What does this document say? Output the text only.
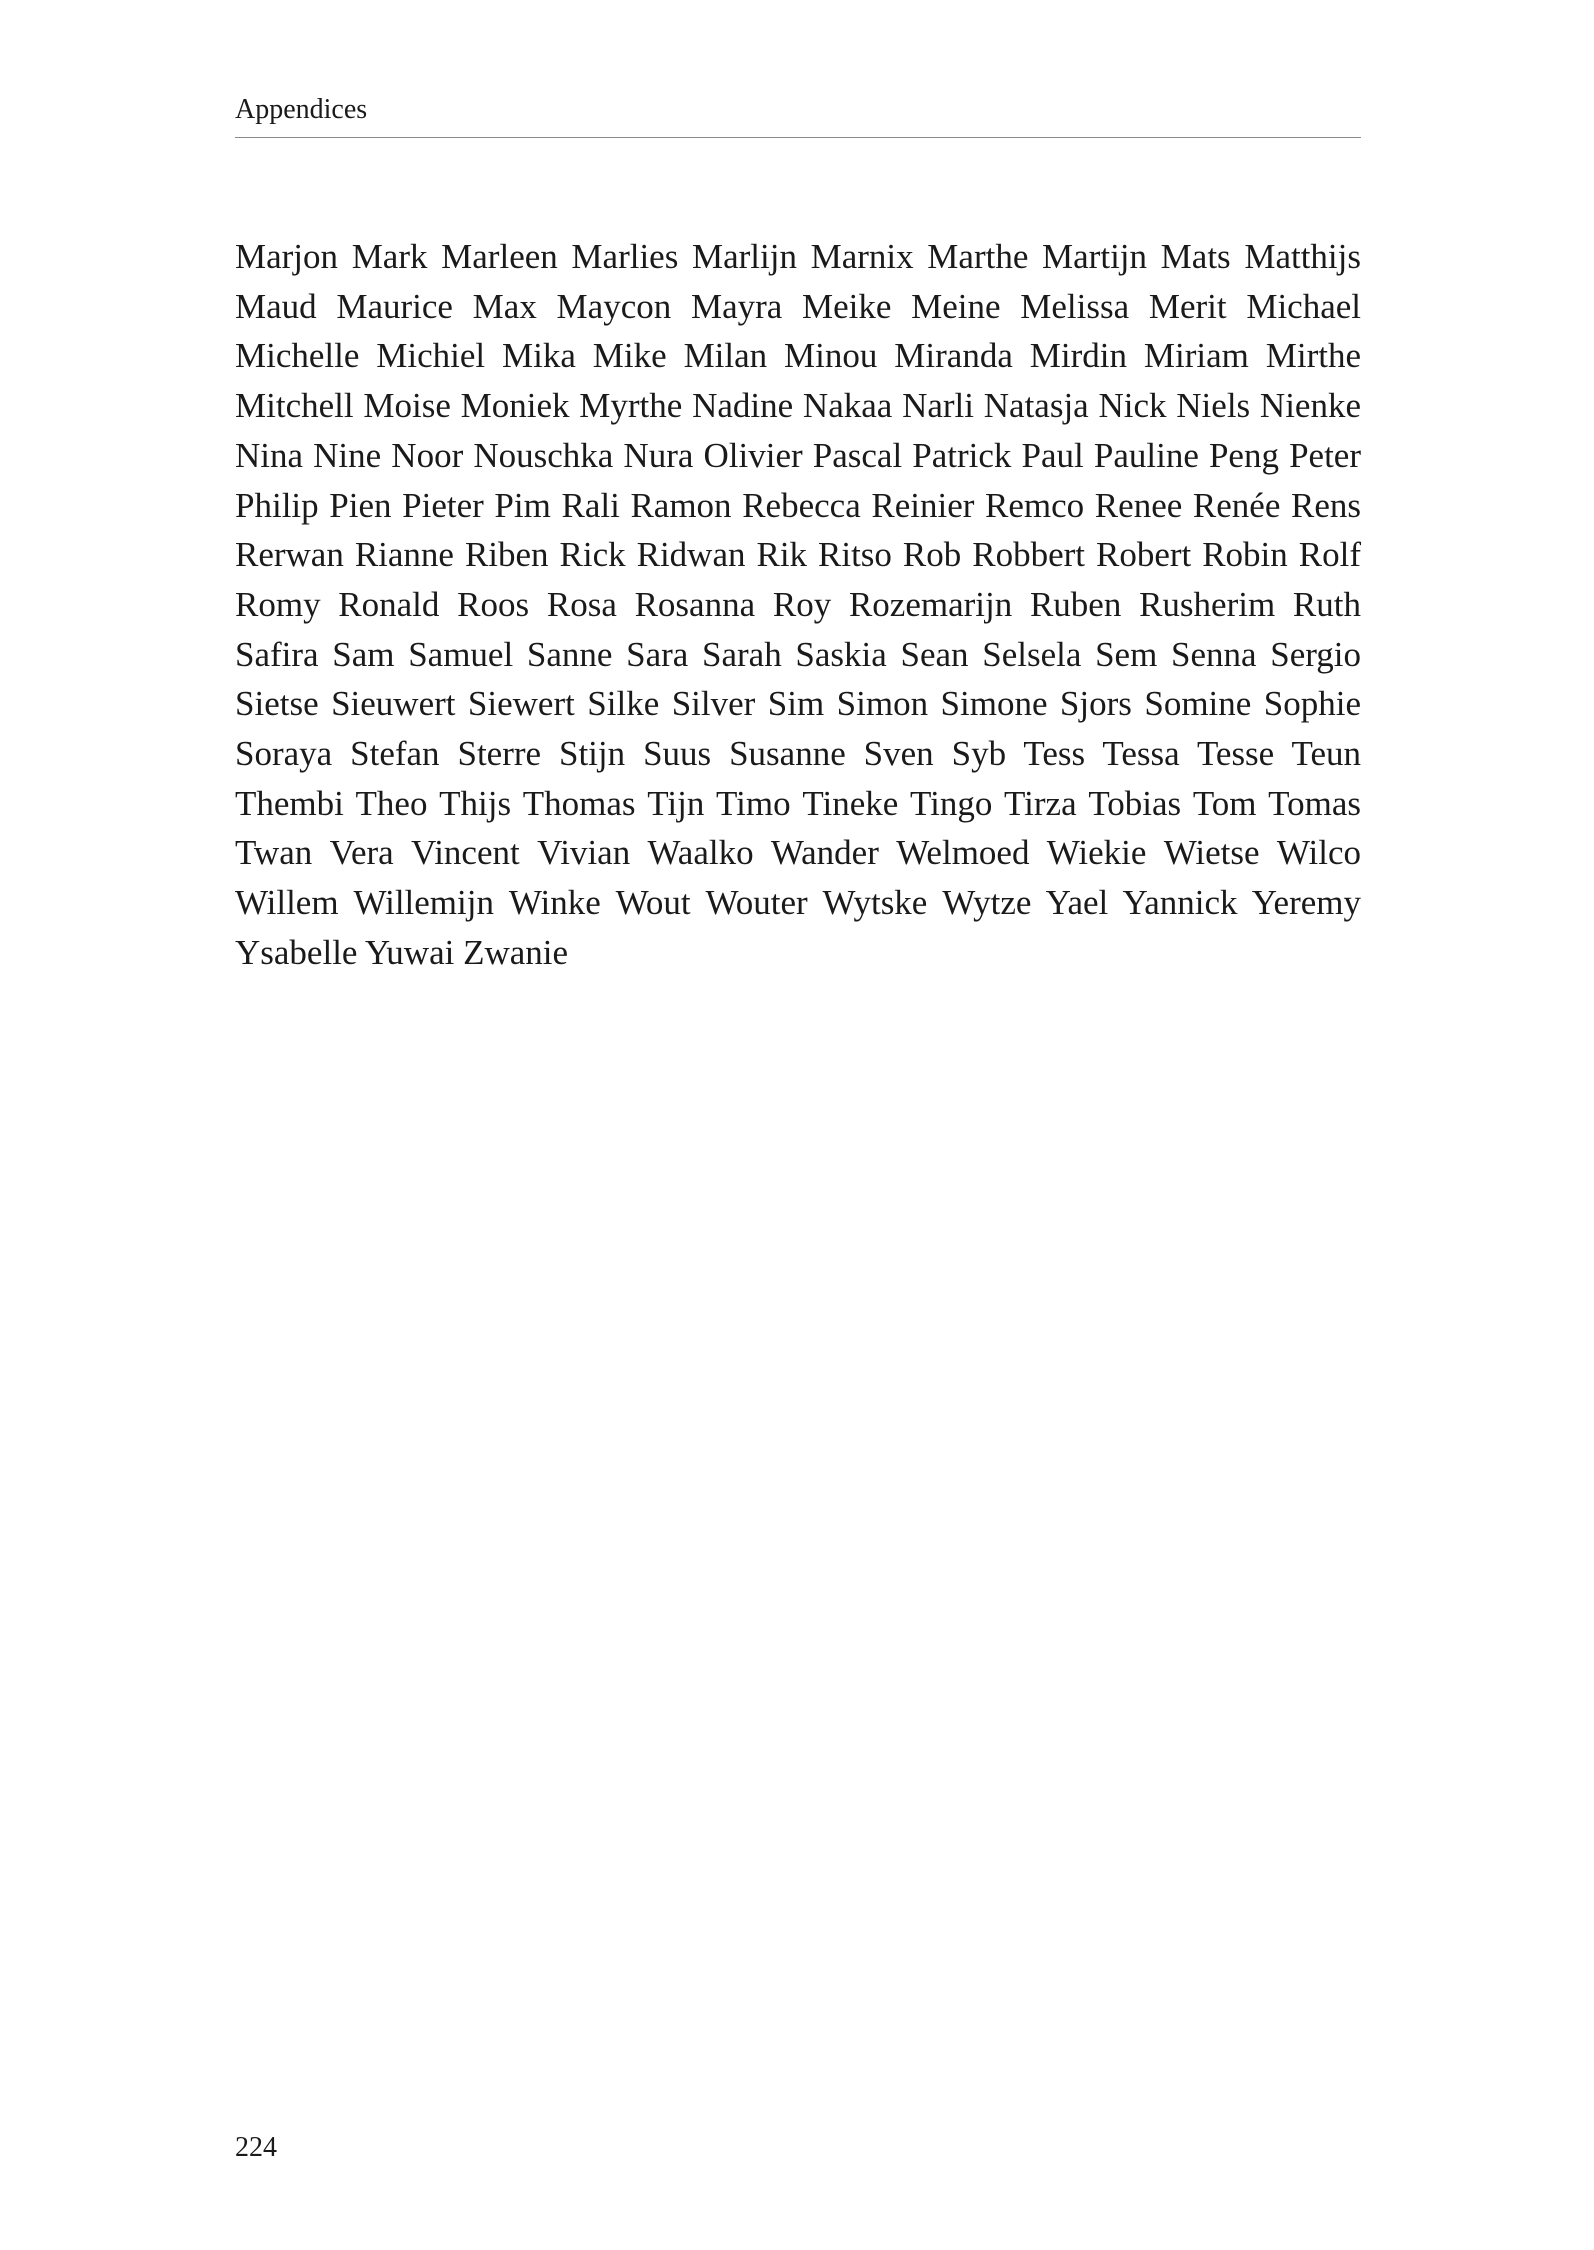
Appendices

Marjon Mark Marleen Marlies Marlijn Marnix Marthe Martijn Mats Matthijs Maud Maurice Max Maycon Mayra Meike Meine Melissa Merit Michael Michelle Michiel Mika Mike Milan Minou Miranda Mirdin Miriam Mirthe Mitchell Moise Moniek Myrthe Nadine Nakaa Narli Natasja Nick Niels Nienke Nina Nine Noor Nouschka Nura Olivier Pascal Patrick Paul Pauline Peng Peter Philip Pien Pieter Pim Rali Ramon Rebecca Reinier Remco Renee Renée Rens Rerwan Rianne Riben Rick Ridwan Rik Ritso Rob Robbert Robert Robin Rolf Romy Ronald Roos Rosa Rosanna Roy Rozemarijn Ruben Rusherim Ruth Safira Sam Samuel Sanne Sara Sarah Saskia Sean Selsela Sem Senna Sergio Sietse Sieuwert Siewert Silke Silver Sim Simon Simone Sjors Somine Sophie Soraya Stefan Sterre Stijn Suus Susanne Sven Syb Tess Tessa Tesse Teun Thembi Theo Thijs Thomas Tijn Timo Tineke Tingo Tirza Tobias Tom Tomas Twan Vera Vincent Vivian Waalko Wander Welmoed Wiekie Wietse Wilco Willem Willemijn Winke Wout Wouter Wytske Wytze Yael Yannick Yeremy Ysabelle Yuwai Zwanie

224
